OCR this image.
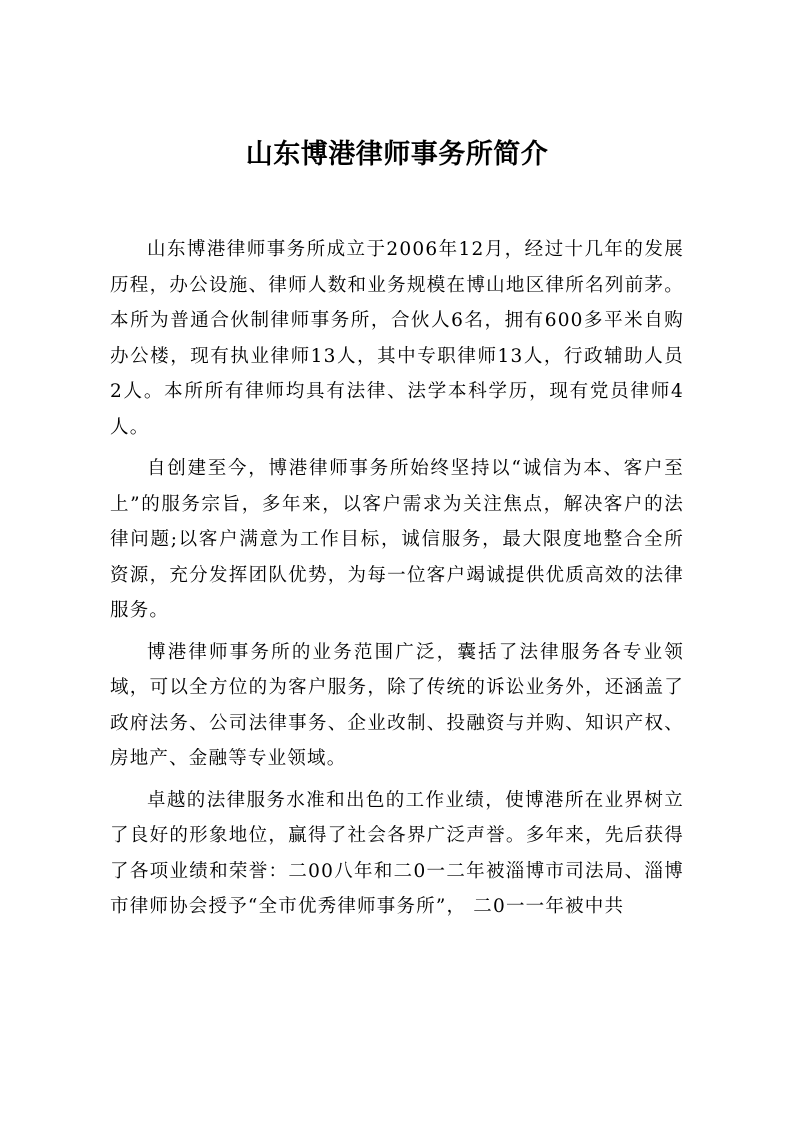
山东博港律师事务所简介

山东博港律师事务所成立于2006年12月，经过十几年的发展历程，办公设施、律师人数和业务规模在博山地区律所名列前茅。本所为普通合伙制律师事务所，合伙人6名，拥有600多平米自购办公楼，现有执业律师13人，其中专职律师13人，行政辅助人员2人。本所所有律师均具有法律、法学本科学历，现有党员律师4人。

自创建至今，博港律师事务所始终坚持以“诚信为本、客户至上”的服务宗旨，多年来，以客户需求为关注焦点，解决客户的法律问题;以客户满意为工作目标，诚信服务，最大限度地整合全所资源，充分发挥团队优势，为每一位客户竭诚提供优质高效的法律服务。

博港律师事务所的业务范围广泛，囊括了法律服务各专业领域，可以全方位的为客户服务，除了传统的诉讼业务外，还涵盖了政府法务、公司法律事务、企业改制、投融资与并购、知识产权、房地产、金融等专业领域。

卓越的法律服务水准和出色的工作业绩，使博港所在业界树立了良好的形象地位，赢得了社会各界广泛声誉。多年来，先后获得了各项业绩和荣誉：二00八年和二0一二年被淄博市司法局、淄博市律师协会授予“全市优秀律师事务所”， 二0一一年被中共
